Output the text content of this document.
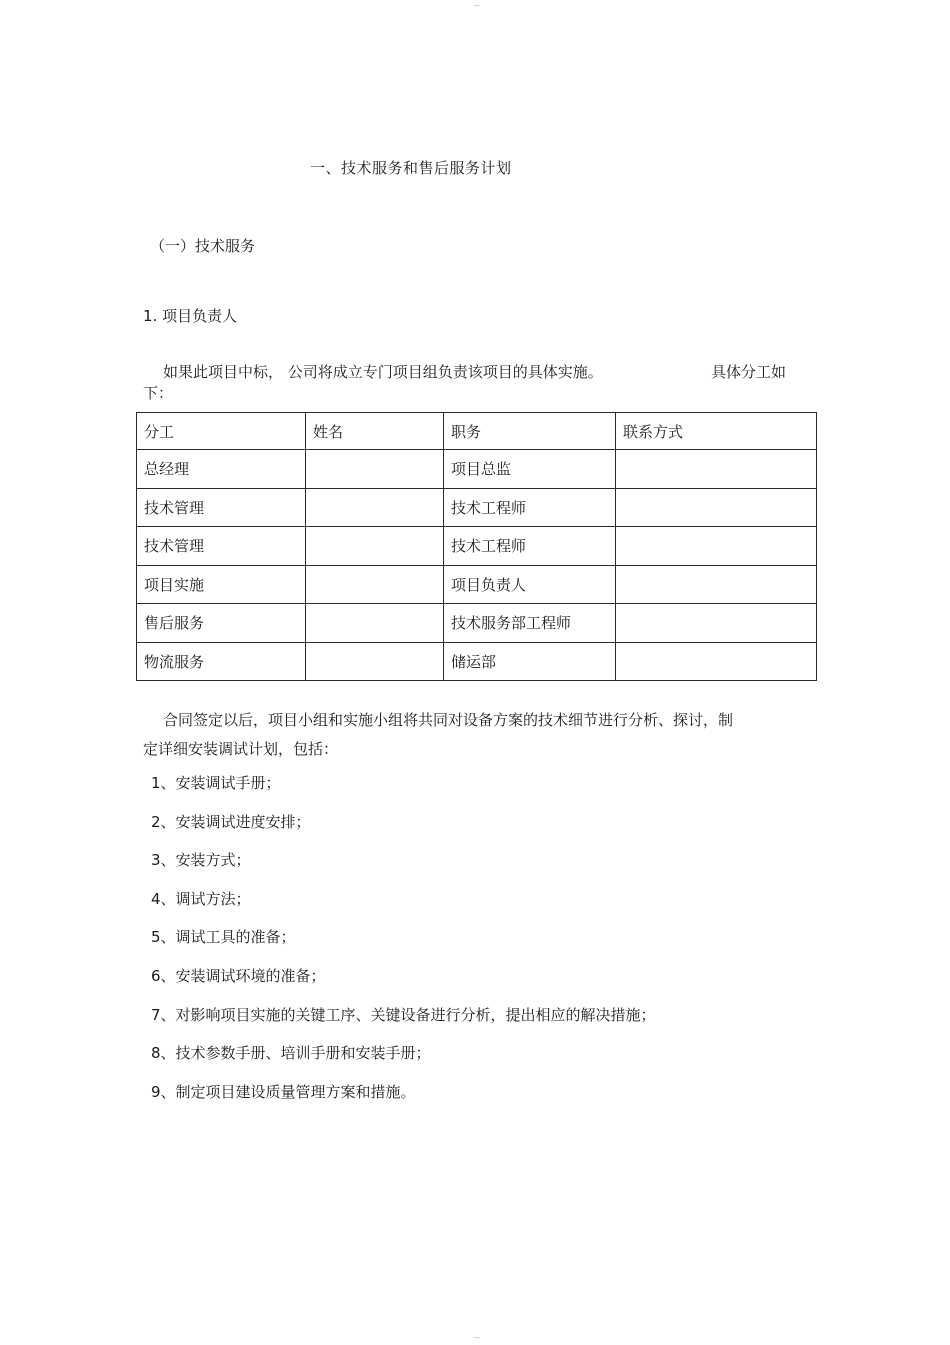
--
一、技术服务和售后服务计划
（一）技术服务
1. 项目负责人
如果此项目中标， 公司将成立专门项目组负责该项目的具体实施。	具体分工如
下：
分工	姓名	职务	联系方式
总经理		项目总监	
技术管理		技术工程师	
技术管理		技术工程师	
项目实施		项目负责人	
售后服务		技术服务部工程师	
物流服务		储运部	
合同签定以后，项目小组和实施小组将共同对设备方案的技术细节进行分析、探讨，制
定详细安装调试计划，包括：
1、安装调试手册；
2、安装调试进度安排；
3、安装方式；
4、调试方法；
5、调试工具的准备；
6、安装调试环境的准备；
7、对影响项目实施的关键工序、关键设备进行分析，提出相应的解决措施；
8、技术参数手册、培训手册和安装手册；
9、制定项目建设质量管理方案和措施。
--
